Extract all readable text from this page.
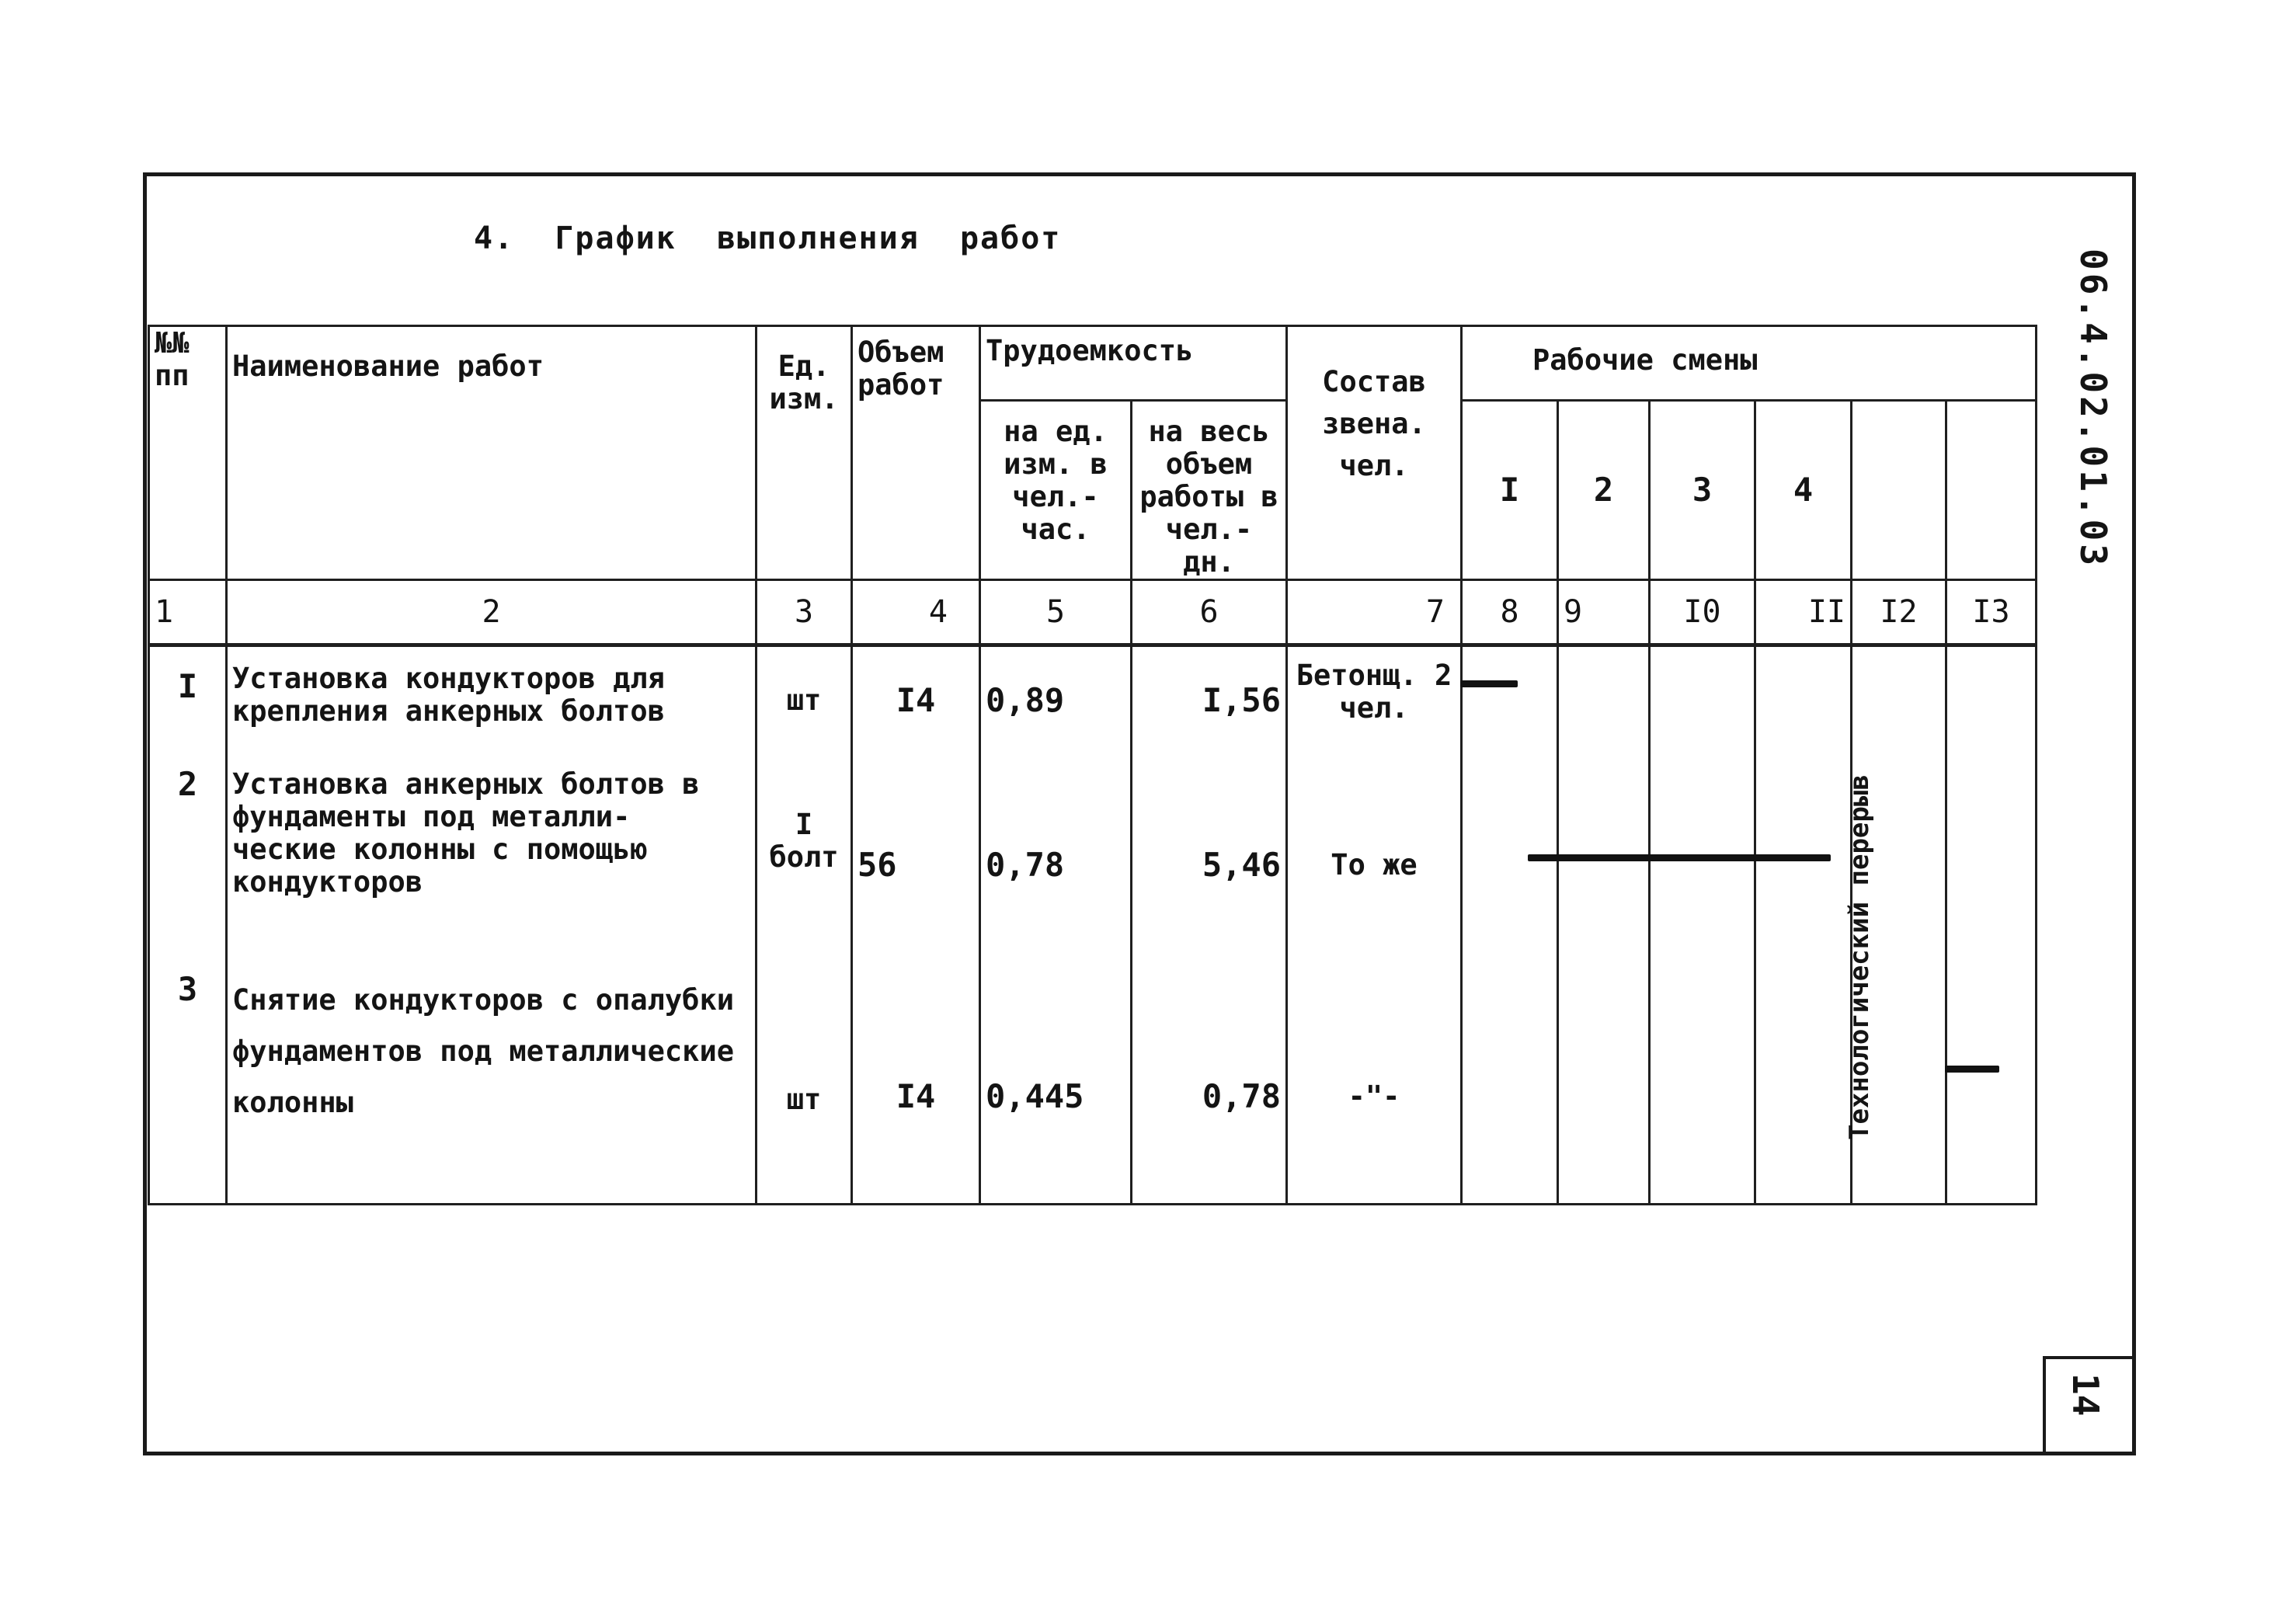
4.  График  выполнения  работ
06.4.02.01.03
14
№№ пп	Наименование работ	Ед. изм.	Объем работ	Трудоемкость		Состав звена. чел.	Рабочие смены					
				на ед. изм. в чел.- час.	на весь объем работы в чел.- дн.		I	2	3	4		
1	2	3	4	5	6	7	8	9	I0	II	I2	I3
I	Установка кондукторов для крепления анкерных болтов	шт	I4	0,89	I,56	Бетонщ. 2 чел.						
2	Установка анкерных болтов в фундаменты под металли- ческие колонны с помощью кондукторов	I болт	56	0,78	5,46	То же						
3	Снятие кондукторов с опалубки фундаментов под металлические колонны	шт	I4	0,445	0,78	-"-							Технологический перерыв
